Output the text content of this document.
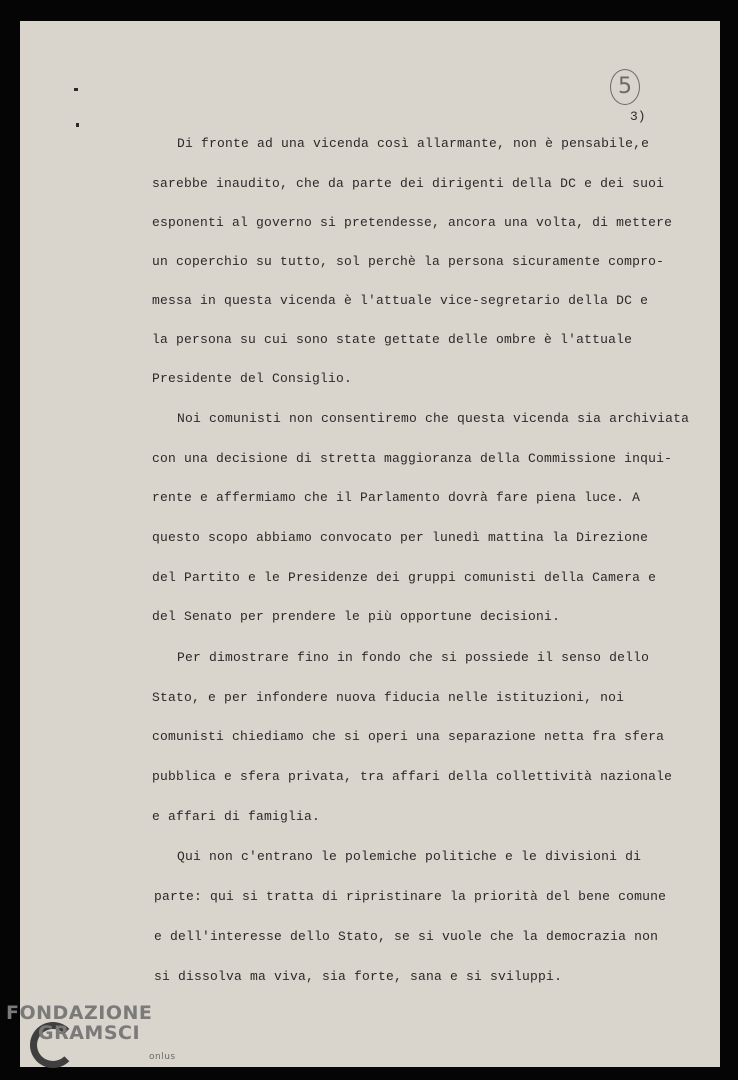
5
3)
Di fronte ad una vicenda così allarmante, non è pensabile,e
sarebbe inaudito, che da parte dei dirigenti della DC e dei suoi
esponenti al governo si pretendesse, ancora una volta, di mettere
un coperchio su tutto, sol perchè la persona sicuramente compro-
messa in questa vicenda è l'attuale vice-segretario della DC e
la persona su cui sono state gettate delle ombre è l'attuale
Presidente del Consiglio.
Noi comunisti non consentiremo che questa vicenda sia archiviata
con una decisione di stretta maggioranza della Commissione inqui-
rente e affermiamo che il Parlamento dovrà fare piena luce. A
questo scopo abbiamo convocato per lunedì mattina la Direzione
del Partito e le Presidenze dei gruppi comunisti della Camera e
del Senato per prendere le più opportune decisioni.
Per dimostrare fino in fondo che si possiede il senso dello
Stato, e per infondere nuova fiducia nelle istituzioni, noi
comunisti chiediamo che si operi una separazione netta fra sfera
pubblica e sfera privata, tra affari della collettività nazionale
e affari di famiglia.
Qui non c'entrano le polemiche politiche e le divisioni di
parte: qui si tratta di ripristinare la priorità del bene comune
e dell'interesse dello Stato, se si vuole che la democrazia non
si dissolva ma viva, sia forte, sana e si sviluppi.
FONDAZIONE
GRAMSCI
onlus
